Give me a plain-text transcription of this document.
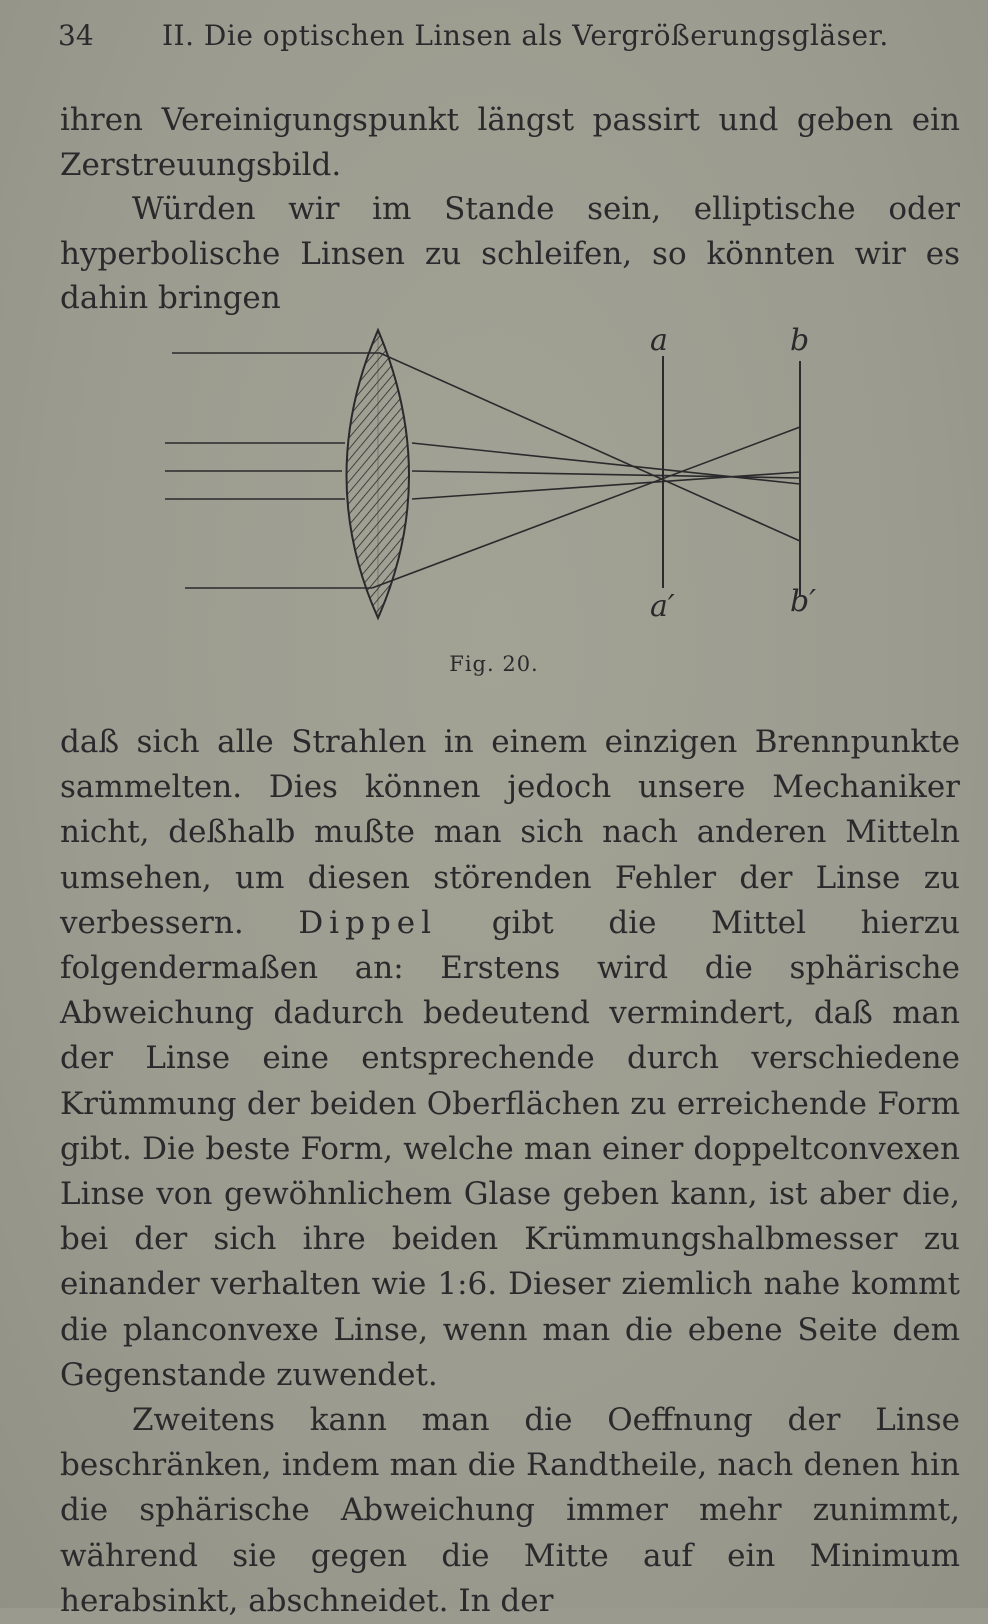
34 II. Die optischen Linsen als Vergrößerungsgläser.

ihren Vereinigungspunkt längst passirt und geben ein Zerstreuungsbild.

Würden wir im Stande sein, elliptische oder hyperbolische Linsen zu schleifen, so könnten wir es dahin bringen

a	b
a′	b′
Fig. 20.

daß sich alle Strahlen in einem einzigen Brennpunkte sammelten. Dies können jedoch unsere Mechaniker nicht, deßhalb mußte man sich nach anderen Mitteln umsehen, um diesen störenden Fehler der Linse zu verbessern. Dippel gibt die Mittel hierzu folgendermaßen an: Erstens wird die sphärische Abweichung dadurch bedeutend vermindert, daß man der Linse eine entsprechende durch verschiedene Krümmung der beiden Oberflächen zu erreichende Form gibt. Die beste Form, welche man einer doppeltconvexen Linse von gewöhnlichem Glase geben kann, ist aber die, bei der sich ihre beiden Krümmungshalbmesser zu einander verhalten wie 1:6. Dieser ziemlich nahe kommt die planconvexe Linse, wenn man die ebene Seite dem Gegenstande zuwendet.

Zweitens kann man die Oeffnung der Linse beschränken, indem man die Randtheile, nach denen hin die sphärische Abweichung immer mehr zunimmt, während sie gegen die Mitte auf ein Minimum herabsinkt, abschneidet. In der
